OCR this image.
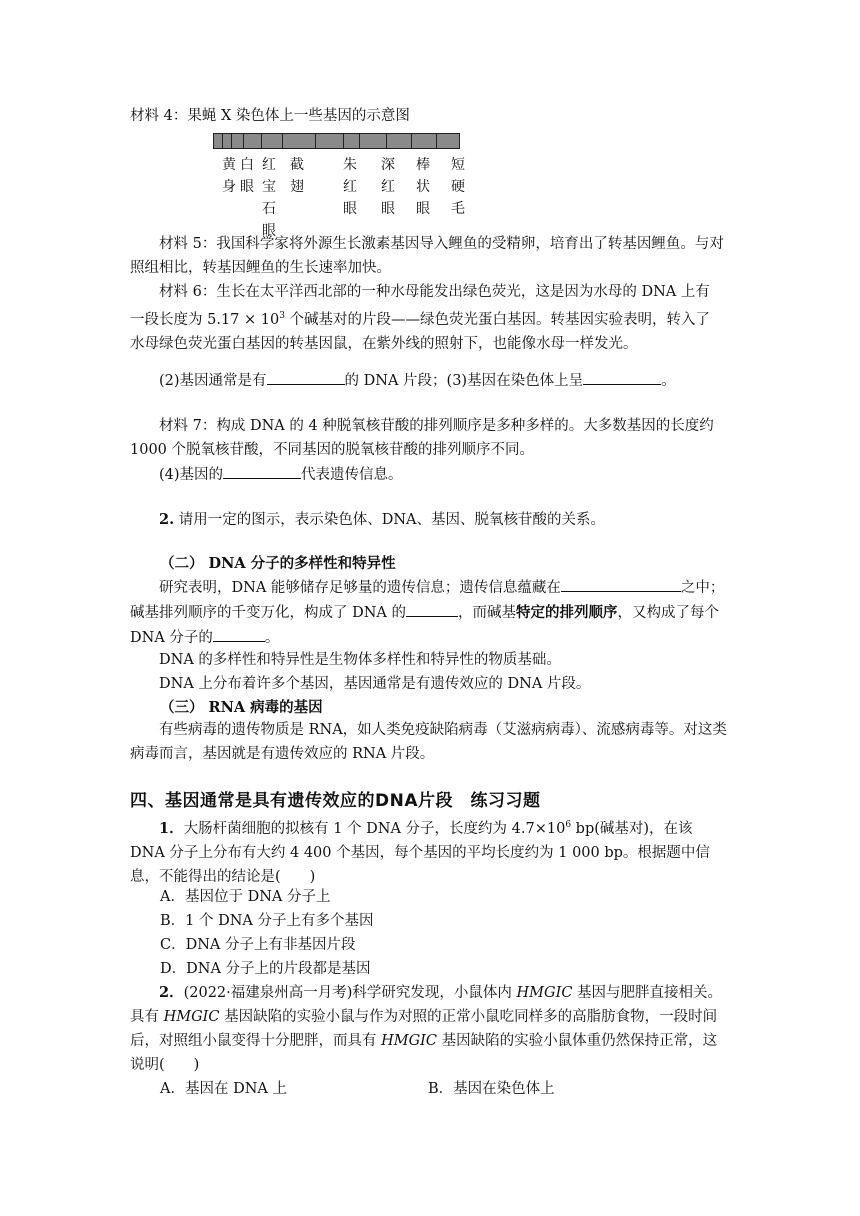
材料 4：果蝇 X 染色体上一些基因的示意图

黄
身
白
眼
红
宝
石
眼
截
翅
朱
红
眼
深
红
眼
棒
状
眼
短
硬
毛

材料 5：我国科学家将外源生长激素基因导入鲤鱼的受精卵，培育出了转基因鲤鱼。与对照组相比，转基因鲤鱼的生长速率加快。

材料 6：生长在太平洋西北部的一种水母能发出绿色荧光，这是因为水母的 DNA 上有
一段长度为 $5.17 \times 10^3$ 个碱基对的片段——绿色荧光蛋白基因。转基因实验表明，转入了
水母绿色荧光蛋白基因的转基因鼠，在紫外线的照射下，也能像水母一样发光。

(2)基因通常是有	的 DNA 片段；(3)基因在染色体上呈	。

材料 7：构成 DNA 的 4 种脱氧核苷酸的排列顺序是多种多样的。大多数基因的长度约 1000 个脱氧核苷酸，不同基因的脱氧核苷酸的排列顺序不同。

(4)基因的	代表遗传信息。

2. 请用一定的图示，表示染色体、DNA、基因、脱氧核苷酸的关系。

（二） DNA 分子的多样性和特异性

研究表明，DNA 能够储存足够量的遗传信息；遗传信息蕴藏在	之中；碱基排列顺序的千变万化，构成了 DNA 的	，而碱基特定的排列顺序，又构成了每个 DNA 分子的	。

DNA 的多样性和特异性是生物体多样性和特异性的物质基础。

DNA 上分布着许多个基因，基因通常是有遗传效应的 DNA 片段。

（三） RNA 病毒的基因

有些病毒的遗传物质是 RNA，如人类免疫缺陷病毒（艾滋病病毒）、流感病毒等。对这类病毒而言，基因就是有遗传效应的 RNA 片段。

四、基因通常是具有遗传效应的DNA片段　练习习题

1．大肠杆菌细胞的拟核有 1 个 DNA 分子，长度约为 $4.7\times 10^6$ bp(碱基对)，在该 DNA 分子上分布有大约 4 400 个基因，每个基因的平均长度约为 1 000 bp。根据题中信息，不能得出的结论是(　　)

A．基因位于 DNA 分子上
B．1 个 DNA 分子上有多个基因
C．DNA 分子上有非基因片段
D．DNA 分子上的片段都是基因

2．(2022·福建泉州高一月考)科学研究发现，小鼠体内 HMGIC 基因与肥胖直接相关。具有 HMGIC 基因缺陷的实验小鼠与作为对照的正常小鼠吃同样多的高脂肪食物，一段时间后，对照组小鼠变得十分肥胖，而具有 HMGIC 基因缺陷的实验小鼠体重仍然保持正常，这说明(　　)

A．基因在 DNA 上	B．基因在染色体上
